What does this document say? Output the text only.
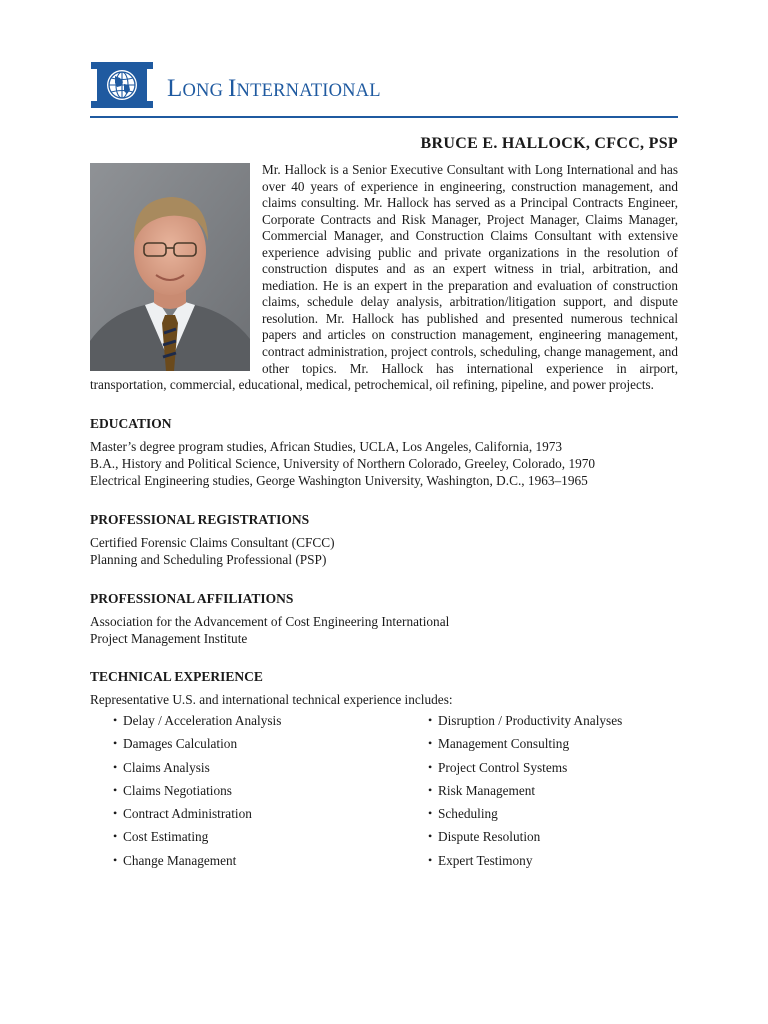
LONG INTERNATIONAL
BRUCE E. HALLOCK, CFCC, PSP

Mr. Hallock is a Senior Executive Consultant with Long International and has over 40 years of experience in engineering, construction management, and claims consulting. Mr. Hallock has served as a Principal Contracts Engineer, Corporate Contracts and Risk Manager, Project Manager, Claims Manager, Commercial Manager, and Construction Claims Consultant with extensive experience advising public and private organizations in the resolution of construction disputes and as an expert witness in trial, arbitration, and mediation. He is an expert in the preparation and evaluation of construction claims, schedule delay analysis, arbitration/litigation support, and dispute resolution. Mr. Hallock has published and presented numerous technical papers and articles on construction management, engineering management, contract administration, project controls, scheduling, change management, and other topics. Mr. Hallock has international experience in airport, transportation, commercial, educational, medical, petrochemical, oil refining, pipeline, and power projects.

EDUCATION
Master’s degree program studies, African Studies, UCLA, Los Angeles, California, 1973
B.A., History and Political Science, University of Northern Colorado, Greeley, Colorado, 1970
Electrical Engineering studies, George Washington University, Washington, D.C., 1963–1965
PROFESSIONAL REGISTRATIONS
Certified Forensic Claims Consultant (CFCC)
Planning and Scheduling Professional (PSP)
PROFESSIONAL AFFILIATIONS
Association for the Advancement of Cost Engineering International
Project Management Institute
TECHNICAL EXPERIENCE
Representative U.S. and international technical experience includes:
• Delay / Acceleration Analysis
• Damages Calculation
• Claims Analysis
• Claims Negotiations
• Contract Administration
• Cost Estimating
• Change Management
• Disruption / Productivity Analyses
• Management Consulting
• Project Control Systems
• Risk Management
• Scheduling
• Dispute Resolution
• Expert Testimony
